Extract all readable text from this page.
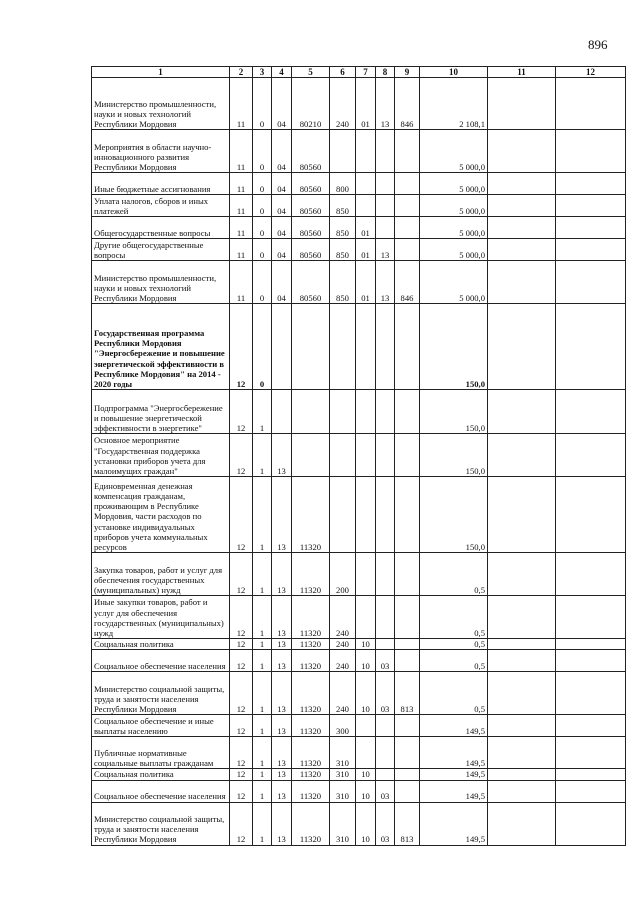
896
1	2	3	4	5	6	7	8	9	10	11	12
Министерство промышленности, науки и новых технологий Республики Мордовия	11	0	04	80210	240	01	13	846	2 108,1		
Мероприятия в области научно-инновационного развития Республики Мордовия	11	0	04	80560					5 000,0		
Иные бюджетные ассигнования	11	0	04	80560	800				5 000,0		
Уплата налогов, сборов и иных платежей	11	0	04	80560	850				5 000,0		
Общегосударственные вопросы	11	0	04	80560	850	01			5 000,0		
Другие общегосударственные вопросы	11	0	04	80560	850	01	13		5 000,0		
Министерство промышленности, науки и новых технологий Республики Мордовия	11	0	04	80560	850	01	13	846	5 000,0		
Государственная программа Республики Мордовия "Энергосбережение и повышение энергетической эффективности в Республике Мордовия" на 2014 - 2020 годы	12	0							150,0		
Подпрограмма "Энергосбережение и повышение энергетической эффективности в энергетике"	12	1							150,0		
Основное мероприятие "Государственная поддержка установки приборов учета для малоимущих граждан"	12	1	13						150,0		
Единовременная денежная компенсация гражданам, проживающим в Республике Мордовия, части расходов по установке индивидуальных приборов учета коммунальных ресурсов	12	1	13	11320					150,0		
Закупка товаров, работ и услуг для обеспечения государственных (муниципальных) нужд	12	1	13	11320	200				0,5		
Иные закупки товаров, работ и услуг для обеспечения государственных (муниципальных) нужд	12	1	13	11320	240				0,5		
Социальная политика	12	1	13	11320	240	10			0,5		
Социальное обеспечение населения	12	1	13	11320	240	10	03		0,5		
Министерство социальной защиты, труда и занятости населения Республики Мордовия	12	1	13	11320	240	10	03	813	0,5		
Социальное обеспечение и иные выплаты населению	12	1	13	11320	300				149,5		
Публичные нормативные социальные выплаты гражданам	12	1	13	11320	310				149,5		
Социальная политика	12	1	13	11320	310	10			149,5		
Социальное обеспечение населения	12	1	13	11320	310	10	03		149,5		
Министерство социальной защиты, труда и занятости населения Республики Мордовия	12	1	13	11320	310	10	03	813	149,5		
